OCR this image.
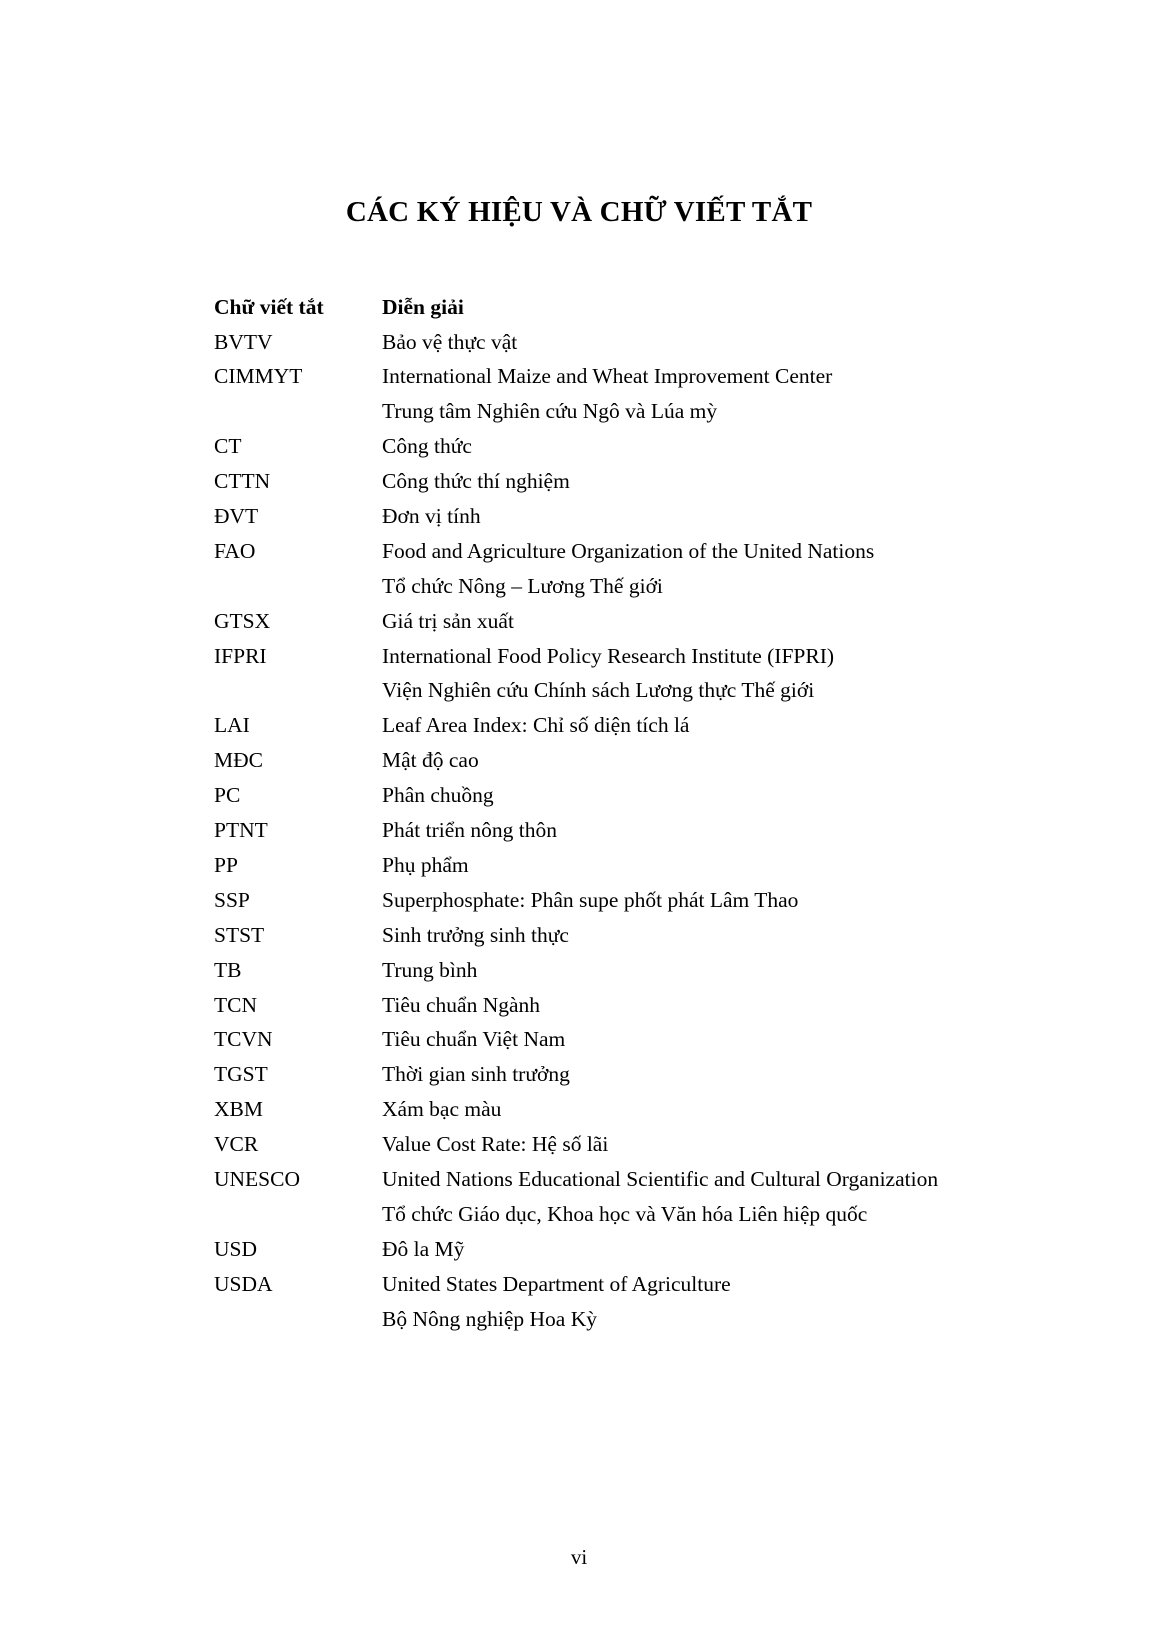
CÁC KÝ HIỆU VÀ CHỮ VIẾT TẮT
Chữ viết tắt	Diễn giải
BVTV	Bảo vệ thực vật
CIMMYT	International Maize and Wheat Improvement Center
Trung tâm Nghiên cứu Ngô và Lúa mỳ
CT	Công thức
CTTN	Công thức thí nghiệm
ĐVT	Đơn vị tính
FAO	Food and Agriculture Organization of the United Nations
Tổ chức Nông – Lương Thế giới
GTSX	Giá trị sản xuất
IFPRI	International Food Policy Research Institute (IFPRI)
Viện Nghiên cứu Chính sách Lương thực Thế giới
LAI	Leaf Area Index: Chỉ số diện tích lá
MĐC	Mật độ cao
PC	Phân chuồng
PTNT	Phát triển nông thôn
PP	Phụ phẩm
SSP	Superphosphate: Phân supe phốt phát Lâm Thao
STST	Sinh trưởng sinh thực
TB	Trung bình
TCN	Tiêu chuẩn Ngành
TCVN	Tiêu chuẩn Việt Nam
TGST	Thời gian sinh trưởng
XBM	Xám bạc màu
VCR	Value Cost Rate: Hệ số lãi
UNESCO	United Nations Educational Scientific and Cultural Organization
Tổ chức Giáo dục, Khoa học và Văn hóa Liên hiệp quốc
USD	Đô la Mỹ
USDA	United States Department of Agriculture
Bộ Nông nghiệp Hoa Kỳ
vi
